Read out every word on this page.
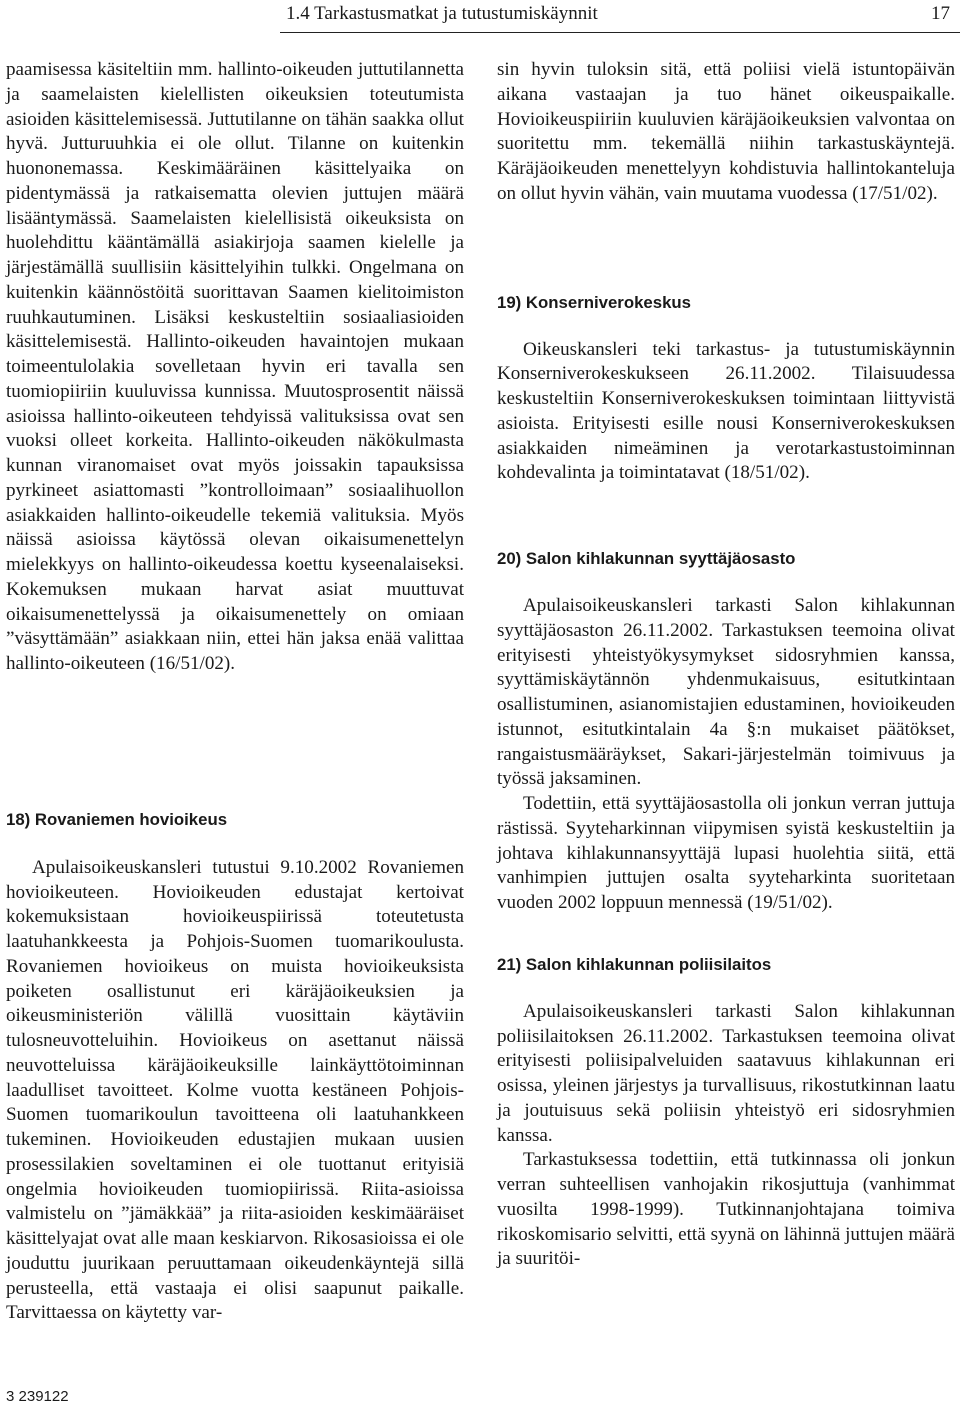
1.4 Tarkastusmatkat ja tutustumiskäynnit	17

paamisessa käsiteltiin mm. hallinto-oikeuden juttutilannetta ja saamelaisten kielellisten oikeuksien toteutumista asioiden käsittelemisessä. Juttutilanne on tähän saakka ollut hyvä. Jutturuuhkia ei ole ollut. Tilanne on kuitenkin huononemassa. Keskimääräinen käsittelyaika on pidentymässä ja ratkaisematta olevien juttujen määrä lisääntymässä. Saamelaisten kielellisistä oikeuksista on huolehdittu kääntämällä asiakirjoja saamen kielelle ja järjestämällä suullisiin käsittelyihin tulkki. Ongelmana on kuitenkin käännöstöitä suorittavan Saamen kielitoimiston ruuhkautuminen. Lisäksi keskusteltiin sosiaaliasioiden käsittelemisestä. Hallinto-oikeuden havaintojen mukaan toimeentulolakia sovelletaan hyvin eri tavalla sen tuomiopiiriin kuuluvissa kunnissa. Muutosprosentit näissä asioissa hallinto-oikeuteen tehdyissä valituksissa ovat sen vuoksi olleet korkeita. Hallinto-oikeuden näkökulmasta kunnan viranomaiset ovat myös joissakin tapauksissa pyrkineet asiattomasti ”kontrolloimaan” sosiaalihuollon asiakkaiden hallinto-oikeudelle tekemiä valituksia. Myös näissä asioissa käytössä olevan oikaisumenettelyn mielekkyys on hallinto-oikeudessa koettu kyseenalaiseksi. Kokemuksen mukaan harvat asiat muuttuvat oikaisumenettelyssä ja oikaisumenettely on omiaan ”väsyttämään” asiakkaan niin, ettei hän jaksa enää valittaa hallinto-oikeuteen (16/51/02).

18) Rovaniemen hovioikeus

Apulaisoikeuskansleri tutustui 9.10.2002 Rovaniemen hovioikeuteen. Hovioikeuden edustajat kertoivat kokemuksistaan hovioikeuspiirissä toteutetusta laatuhankkeesta ja Pohjois-Suomen tuomarikoulusta. Rovaniemen hovioikeus on muista hovioikeuksista poiketen osallistunut eri käräjäoikeuksien ja oikeusministeriön välillä vuosittain käytäviin tulosneuvotteluihin. Hovioikeus on asettanut näissä neuvotteluissa käräjäoikeuksille lainkäyttötoiminnan laadulliset tavoitteet. Kolme vuotta kestäneen Pohjois-Suomen tuomarikoulun tavoitteena oli laatuhankkeen tukeminen. Hovioikeuden edustajien mukaan uusien prosessilakien soveltaminen ei ole tuottanut erityisiä ongelmia hovioikeuden tuomiopiirissä. Riita-asioissa valmistelu on ”jämäkkää” ja riita-asioiden keskimääräiset käsittelyajat ovat alle maan keskiarvon. Rikosasioissa ei ole jouduttu juurikaan peruuttamaan oikeudenkäyntejä sillä perusteella, että vastaaja ei olisi saapunut paikalle. Tarvittaessa on käytetty var-

sin hyvin tuloksin sitä, että poliisi vielä istuntopäivän aikana vastaajan ja tuo hänet oikeuspaikalle. Hovioikeuspiiriin kuuluvien käräjäoikeuksien valvontaa on suoritettu mm. tekemällä niihin tarkastuskäyntejä. Käräjäoikeuden menettelyyn kohdistuvia hallintokanteluja on ollut hyvin vähän, vain muutama vuodessa (17/51/02).

19) Konserniverokeskus

Oikeuskansleri teki tarkastus- ja tutustumiskäynnin Konserniverokeskukseen 26.11.2002. Tilaisuudessa keskusteltiin Konserniverokeskuksen toimintaan liittyvistä asioista. Erityisesti esille nousi Konserniverokeskuksen asiakkaiden nimeäminen ja verotarkastustoiminnan kohdevalinta ja toimintatavat (18/51/02).

20) Salon kihlakunnan syyttäjäosasto

Apulaisoikeuskansleri tarkasti Salon kihlakunnan syyttäjäosaston 26.11.2002. Tarkastuksen teemoina olivat erityisesti yhteistyökysymykset sidosryhmien kanssa, syyttämiskäytännön yhdenmukaisuus, esitutkintaan osallistuminen, asianomistajien edustaminen, hovioikeuden istunnot, esitutkintalain 4a §:n mukaiset päätökset, rangaistusmääräykset, Sakari-järjestelmän toimivuus ja työssä jaksaminen.

Todettiin, että syyttäjäosastolla oli jonkun verran juttuja rästissä. Syyteharkinnan viipymisen syistä keskusteltiin ja johtava kihlakunnansyyttäjä lupasi huolehtia siitä, että vanhimpien juttujen osalta syyteharkinta suoritetaan vuoden 2002 loppuun mennessä (19/51/02).

21) Salon kihlakunnan poliisilaitos

Apulaisoikeuskansleri tarkasti Salon kihlakunnan poliisilaitoksen 26.11.2002. Tarkastuksen teemoina olivat erityisesti poliisipalveluiden saatavuus kihlakunnan eri osissa, yleinen järjestys ja turvallisuus, rikostutkinnan laatu ja joutuisuus sekä poliisin yhteistyö eri sidosryhmien kanssa.

Tarkastuksessa todettiin, että tutkinnassa oli jonkun verran suhteellisen vanhojakin rikosjuttuja (vanhimmat vuosilta 1998-1999). Tutkinnanjohtajana toimiva rikoskomisario selvitti, että syynä on lähinnä juttujen määrä ja suuritöi-

3 239122
